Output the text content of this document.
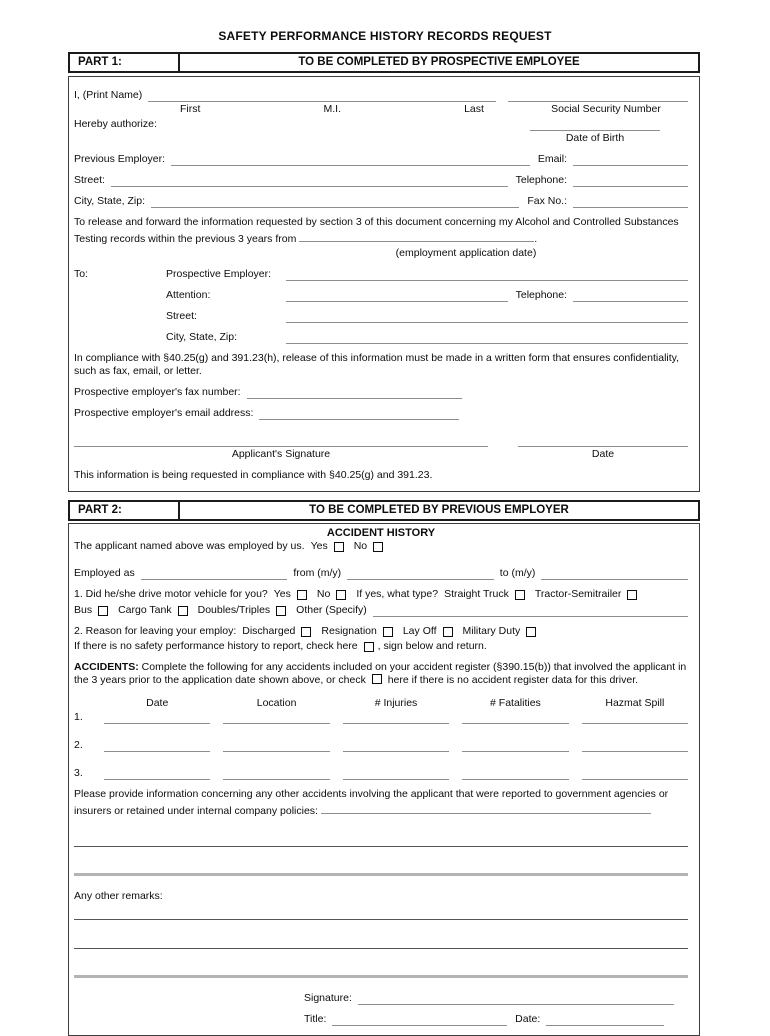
SAFETY PERFORMANCE HISTORY RECORDS REQUEST
PART 1:	TO BE COMPLETED BY PROSPECTIVE EMPLOYEE
I, (Print Name)
First	M.I.	Last	Social Security Number
Hereby authorize:
Date of Birth
Previous Employer:	Email:
Street:	Telephone:
City, State, Zip:	Fax No.:
To release and forward the information requested by section 3 of this document concerning my Alcohol and Controlled Substances Testing records within the previous 3 years from	.
(employment application date)
To:	Prospective Employer:
Attention:	Telephone:
Street:
City, State, Zip:
In compliance with §40.25(g) and 391.23(h), release of this information must be made in a written form that ensures confidentiality, such as fax, email, or letter.
Prospective employer's fax number:
Prospective employer's email address:
Applicant's Signature	Date
This information is being requested in compliance with §40.25(g) and 391.23.
PART 2:	TO BE COMPLETED BY PREVIOUS EMPLOYER
ACCIDENT HISTORY
The applicant named above was employed by us. Yes No
Employed as	from (m/y)	to (m/y)
1. Did he/she drive motor vehicle for you? Yes No If yes, what type? Straight Truck Tractor-Semitrailer
Bus Cargo Tank Doubles/Triples Other (Specify)
2. Reason for leaving your employ: Discharged Resignation Lay Off Military Duty
If there is no safety performance history to report, check here , sign below and return.
ACCIDENTS: Complete the following for any accidents included on your accident register (§390.15(b)) that involved the applicant in the 3 years prior to the application date shown above, or check here if there is no accident register data for this driver.
Date	Location	# Injuries	# Fatalities	Hazmat Spill
1.
2.
3.
Please provide information concerning any other accidents involving the applicant that were reported to government agencies or insurers or retained under internal company policies:
Any other remarks:
Signature:
Title:	Date:
